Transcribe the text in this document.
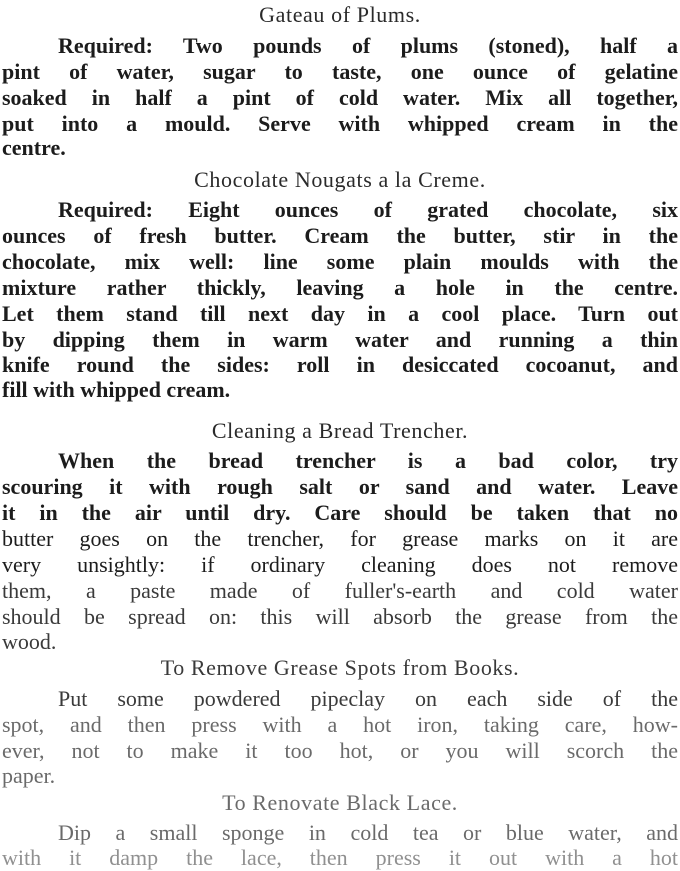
Gateau of Plums.
Required: Two pounds of plums (stoned), half a
pint of water, sugar to taste, one ounce of gelatine
soaked in half a pint of cold water. Mix all together,
put into a mould. Serve with whipped cream in the
centre.
Chocolate Nougats a la Creme.
Required: Eight ounces of grated chocolate, six
ounces of fresh butter. Cream the butter, stir in the
chocolate, mix well: line some plain moulds with the
mixture rather thickly, leaving a hole in the centre.
Let them stand till next day in a cool place. Turn out
by dipping them in warm water and running a thin
knife round the sides: roll in desiccated cocoanut, and
fill with whipped cream.
Cleaning a Bread Trencher.
When the bread trencher is a bad color, try
scouring it with rough salt or sand and water. Leave
it in the air until dry. Care should be taken that no
butter goes on the trencher, for grease marks on it are
very unsightly: if ordinary cleaning does not remove
them, a paste made of fuller's-earth and cold water
should be spread on: this will absorb the grease from the
wood.
To Remove Grease Spots from Books.
Put some powdered pipeclay on each side of the
spot, and then press with a hot iron, taking care, how-
ever, not to make it too hot, or you will scorch the
paper.
To Renovate Black Lace.
Dip a small sponge in cold tea or blue water, and
with it damp the lace, then press it out with a hot
